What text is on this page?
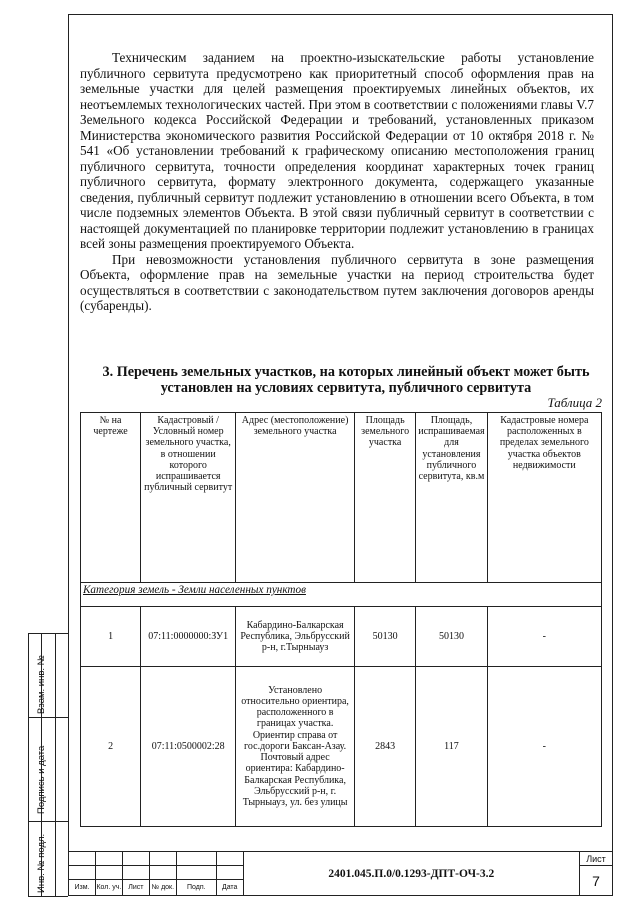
Взам. инв. №
Подпись и дата
Инв. № подл.

Техническим заданием на проектно-изыскательские работы установление публичного сервитута предусмотрено как приоритетный способ оформления прав на земельные участки для целей размещения проектируемых линейных объектов, их неотъемлемых технологических частей. При этом в соответствии с положениями главы V.7 Земельного кодекса Российской Федерации и требований, установленных приказом Министерства экономического развития Российской Федерации от 10 октября 2018 г. № 541 «Об установлении требований к графическому описанию местоположения границ публичного сервитута, точности определения координат характерных точек границ публичного сервитута, формату электронного документа, содержащего указанные сведения, публичный сервитут подлежит установлению в отношении всего Объекта, в том числе подземных элементов Объекта. В этой связи публичный сервитут в соответствии с настоящей документацией по планировке территории подлежит установлению в границах всей зоны размещения проектируемого Объекта.

При невозможности установления публичного сервитута в зоне размещения Объекта, оформление прав на земельные участки на период строительства будет осуществляться в соответствии с законодательством путем заключения договоров аренды (субаренды).

3. Перечень земельных участков, на которых линейный объект может быть установлен на условиях сервитута, публичного сервитута
Таблица 2
№ на чертеже	Кадастровый / Условный номер земельного участка, в отношении которого испрашивается публичный сервитут	Адрес (местоположение) земельного участка	Площадь земельного участка	Площадь, испрашиваемая для установления публичного сервитута, кв.м	Кадастровые номера расположенных в пределах земельного участка объектов недвижимости
Категория земель - Земли населенных пунктов					
1	07:11:0000000:ЗУ1	Кабардино-Балкарская Республика, Эльбрусский р-н, г.Тырныауз	50130	50130	-
2	07:11:0500002:28	Установлено относительно ориентира, расположенного в границах участка. Ориентир справа от гос.дороги Баксан-Азау. Почтовый адрес ориентира: Кабардино-Балкарская Республика, Эльбрусский р-н, г. Тырныауз, ул. без улицы	2843	117	-
						2401.045.П.0/0.1293-ДПТ-ОЧ-3.2	Лист
							7
Изм.	Кол. уч.	Лист	№ док.	Подп.	Дата		
